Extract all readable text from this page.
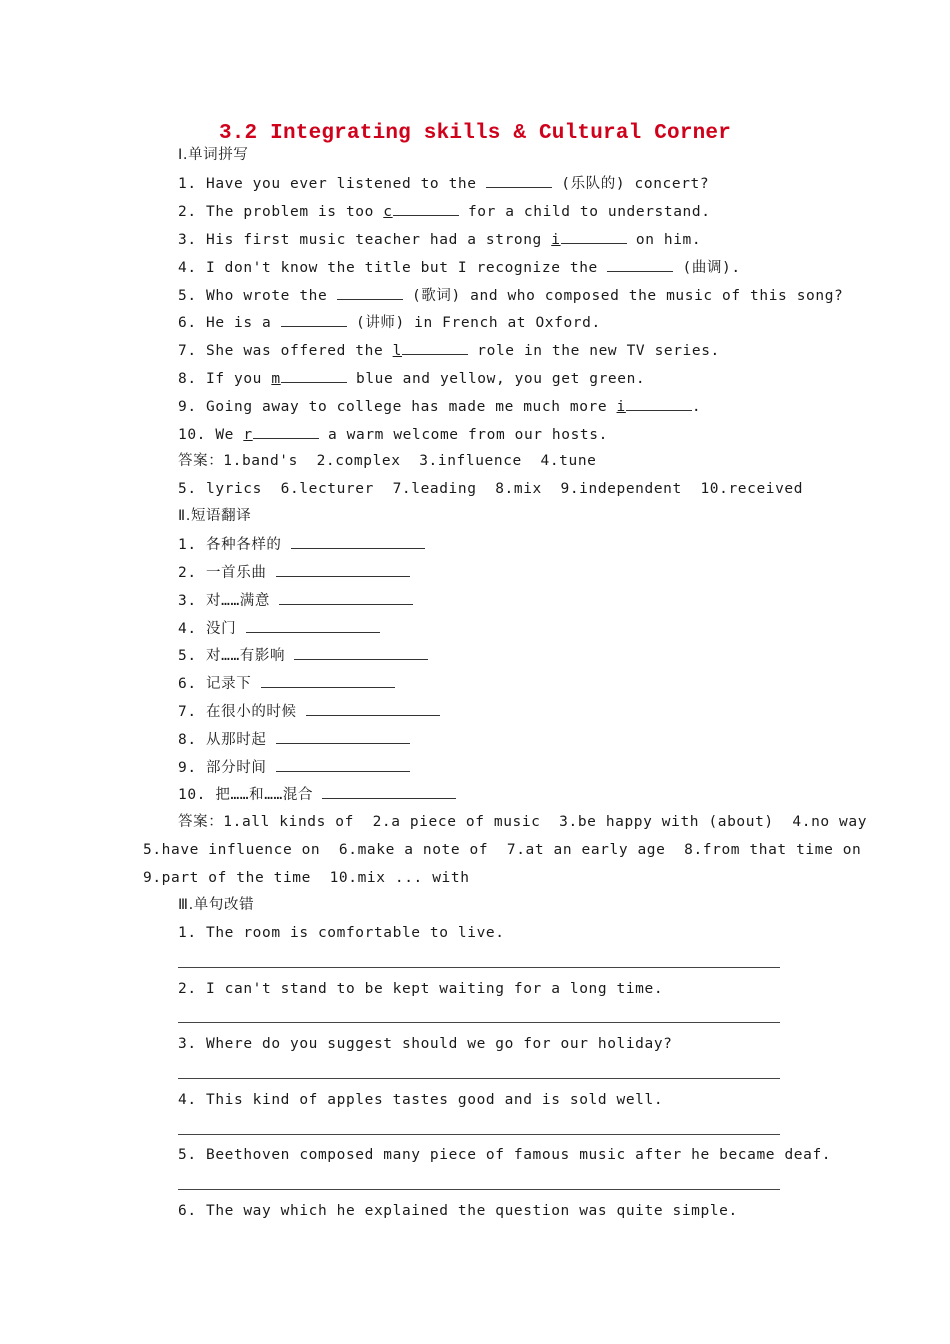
3.2 Integrating skills & Cultural Corner
Ⅰ.单词拼写
1. Have you ever listened to the	(乐队的) concert?
2. The problem is too c	for a child to understand.
3. His first music teacher had a strong i	on him.
4. I don't know the title but I recognize the	(曲调).
5. Who wrote the	(歌词) and who composed the music of this song?
6. He is a	(讲师) in French at Oxford.
7. She was offered the l	role in the new TV series.
8. If you m	blue and yellow, you get green.
9. Going away to college has made me much more i	.
10. We r	a warm welcome from our hosts.
答案：1.band's  2.complex  3.influence  4.tune
5. lyrics  6.lecturer  7.leading  8.mix  9.independent  10.received
Ⅱ.短语翻译
1. 各种各样的
2. 一首乐曲
3. 对……满意
4. 没门
5. 对……有影响
6. 记录下
7. 在很小的时候
8. 从那时起
9. 部分时间
10. 把……和……混合
答案：1.all kinds of  2.a piece of music  3.be happy with (about)  4.no way
5.have influence on  6.make a note of  7.at an early age  8.from that time on
9.part of the time  10.mix ... with
Ⅲ.单句改错
1. The room is comfortable to live.
2. I can't stand to be kept waiting for a long time.
3. Where do you suggest should we go for our holiday?
4. This kind of apples tastes good and is sold well.
5. Beethoven composed many piece of famous music after he became deaf.
6. The way which he explained the question was quite simple.
